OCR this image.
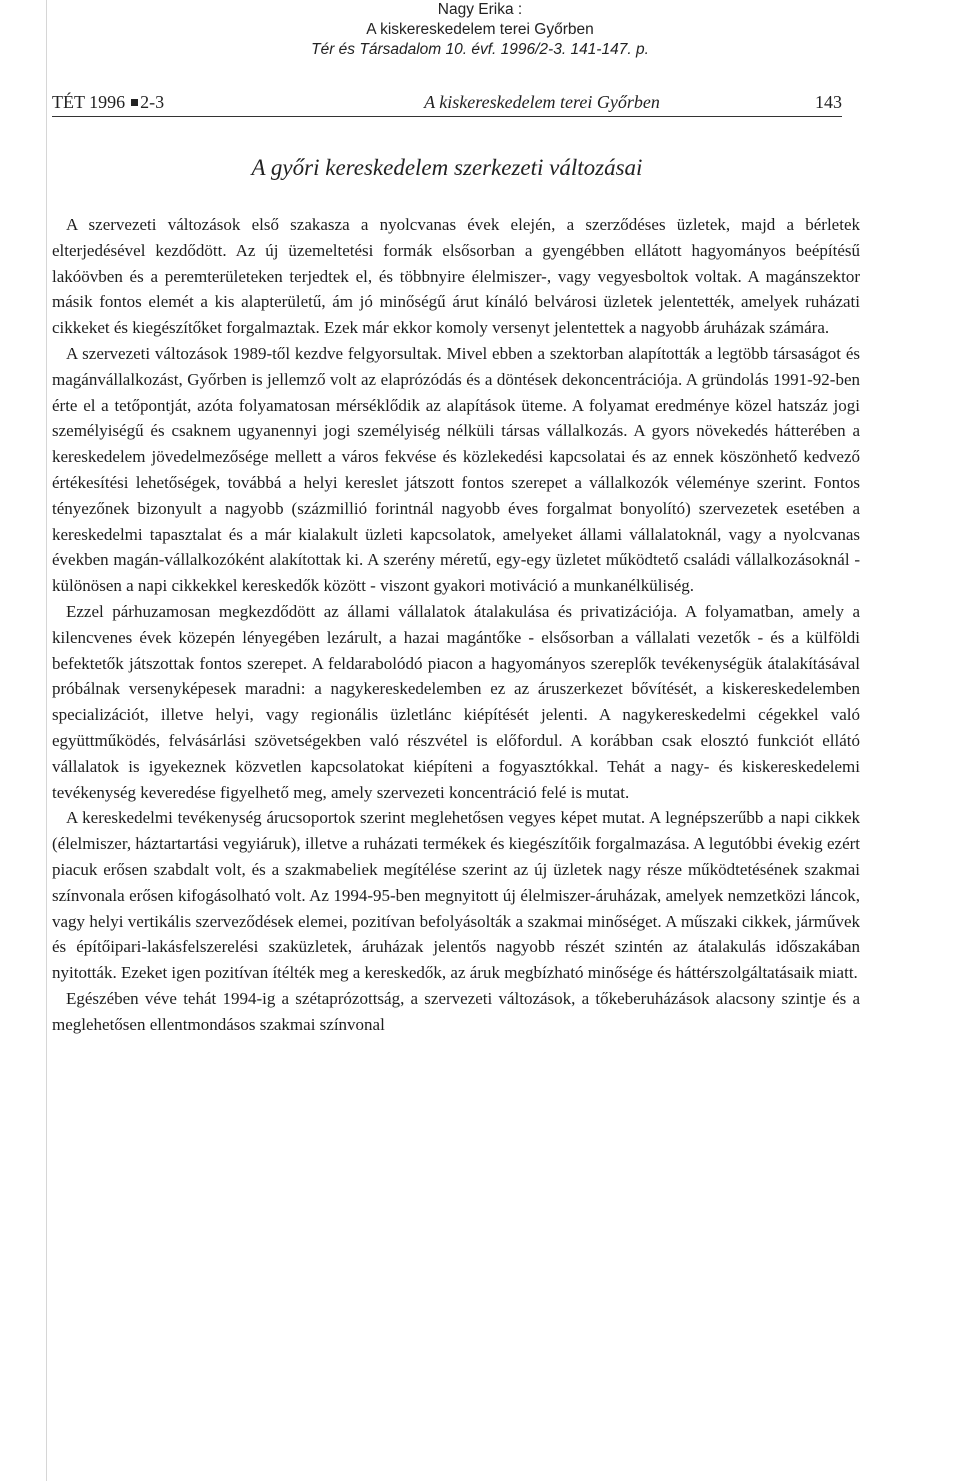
Nagy Erika :
A kiskereskedelem terei Győrben
Tér és Társadalom 10. évf. 1996/2-3. 141-147. p.
TÉT 1996 2-3	A kiskereskedelem terei Győrben	143
A győri kereskedelem szerkezeti változásai

A szervezeti változások első szakasza a nyolcvanas évek elején, a szerződéses üzletek, majd a bérletek elterjedésével kezdődött. Az új üzemeltetési formák elsősorban a gyengébben ellátott hagyományos beépítésű lakóövben és a peremterületeken terjedtek el, és többnyire élelmiszer-, vagy vegyesboltok voltak. A magánszektor másik fontos elemét a kis alapterületű, ám jó minőségű árut kínáló belvárosi üzletek jelentették, amelyek ruházati cikkeket és kiegészítőket forgalmaztak. Ezek már ekkor komoly versenyt jelentettek a nagyobb áruházak számára.

A szervezeti változások 1989-től kezdve felgyorsultak. Mivel ebben a szektorban alapították a legtöbb társaságot és magánvállalkozást, Győrben is jellemző volt az elaprózódás és a döntések dekoncentrációja. A gründolás 1991-92-ben érte el a tetőpontját, azóta folyamatosan mérséklődik az alapítások üteme. A folyamat eredménye közel hatszáz jogi személyiségű és csaknem ugyanennyi jogi személyiség nélküli társas vállalkozás. A gyors növekedés hátterében a kereskedelem jövedelmezősége mellett a város fekvése és közlekedési kapcsolatai és az ennek köszönhető kedvező értékesítési lehetőségek, továbbá a helyi kereslet játszott fontos szerepet a vállalkozók véleménye szerint. Fontos tényezőnek bizonyult a nagyobb (százmillió forintnál nagyobb éves forgalmat bonyolító) szervezetek esetében a kereskedelmi tapasztalat és a már kialakult üzleti kapcsolatok, amelyeket állami vállalatoknál, vagy a nyolcvanas években magán-vállalkozóként alakítottak ki. A szerény méretű, egy-egy üzletet működtető családi vállalkozásoknál - különösen a napi cikkekkel kereskedők között - viszont gyakori motiváció a munkanélküliség.

Ezzel párhuzamosan megkezdődött az állami vállalatok átalakulása és privatizációja. A folyamatban, amely a kilencvenes évek közepén lényegében lezárult, a hazai magántőke - elsősorban a vállalati vezetők - és a külföldi befektetők játszottak fontos szerepet. A feldarabolódó piacon a hagyományos szereplők tevékenységük átalakításával próbálnak versenyképesek maradni: a nagykereskedelemben ez az áruszerkezet bővítését, a kiskereskedelemben specializációt, illetve helyi, vagy regionális üzletlánc kiépítését jelenti. A nagykereskedelmi cégekkel való együttműködés, felvásárlási szövetségekben való részvétel is előfordul. A korábban csak elosztó funkciót ellátó vállalatok is igyekeznek közvetlen kapcsolatokat kiépíteni a fogyasztókkal. Tehát a nagy- és kiskereskedelemi tevékenység keveredése figyelhető meg, amely szervezeti koncentráció felé is mutat.

A kereskedelmi tevékenység árucsoportok szerint meglehetősen vegyes képet mutat. A legnépszerűbb a napi cikkek (élelmiszer, háztartartási vegyiáruk), illetve a ruházati termékek és kiegészítőik forgalmazása. A legutóbbi évekig ezért piacuk erősen szabdalt volt, és a szakmabeliek megítélése szerint az új üzletek nagy része működtetésének szakmai színvonala erősen kifogásolható volt. Az 1994-95-ben megnyitott új élelmiszer-áruházak, amelyek nemzetközi láncok, vagy helyi vertikális szerveződések elemei, pozitívan befolyásolták a szakmai minőséget. A műszaki cikkek, járművek és építőipari-lakásfelszerelési szaküzletek, áruházak jelentős nagyobb részét szintén az átalakulás időszakában nyitották. Ezeket igen pozitívan ítélték meg a kereskedők, az áruk megbízható minősége és háttérszolgáltatásaik miatt.

Egészében véve tehát 1994-ig a szétaprózottság, a szervezeti változások, a tőkeberuházások alacsony szintje és a meglehetősen ellentmondásos szakmai színvonal
